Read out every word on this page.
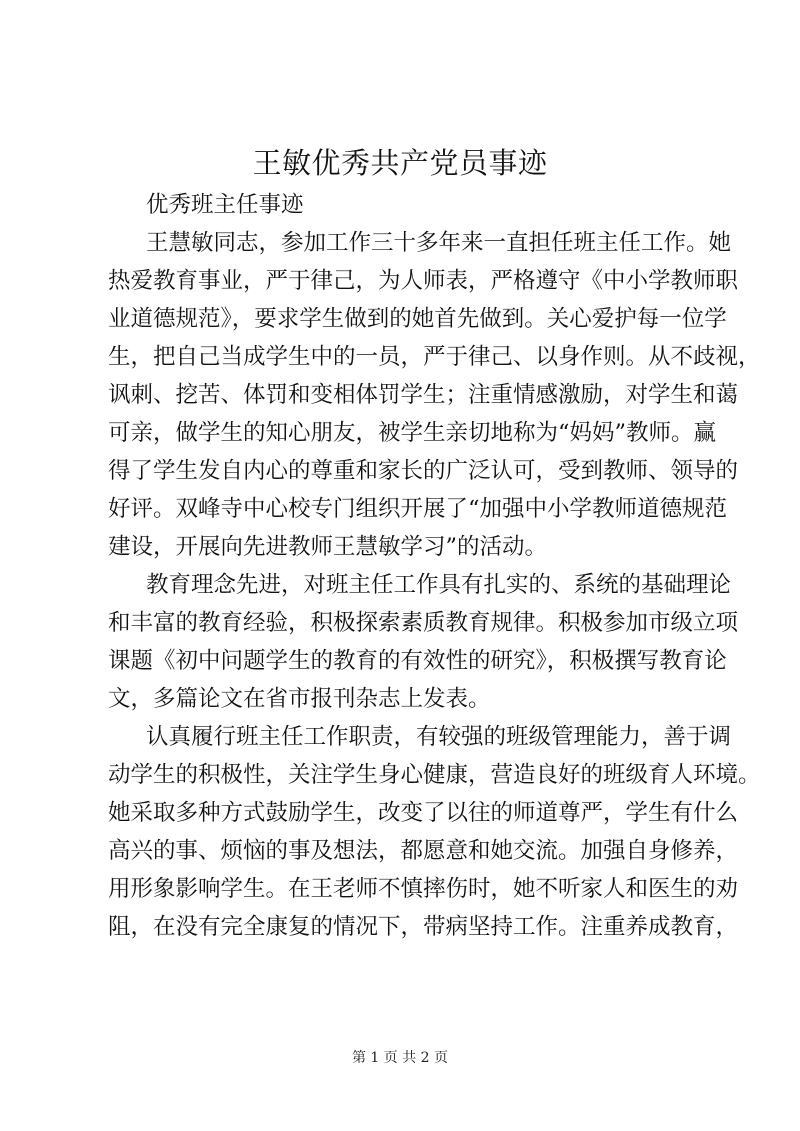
王敏优秀共产党员事迹
优秀班主任事迹
王慧敏同志，参加工作三十多年来一直担任班主任工作。她
热爱教育事业，严于律己，为人师表，严格遵守《中小学教师职
业道德规范》，要求学生做到的她首先做到。关心爱护每一位学
生，把自己当成学生中的一员，严于律己、以身作则。从不歧视，
讽刺、挖苦、体罚和变相体罚学生；注重情感激励，对学生和蔼
可亲，做学生的知心朋友，被学生亲切地称为“妈妈”教师。赢
得了学生发自内心的尊重和家长的广泛认可，受到教师、领导的
好评。双峰寺中心校专门组织开展了“加强中小学教师道德规范
建设，开展向先进教师王慧敏学习”的活动。
教育理念先进，对班主任工作具有扎实的、系统的基础理论
和丰富的教育经验，积极探索素质教育规律。积极参加市级立项
课题《初中问题学生的教育的有效性的研究》，积极撰写教育论
文，多篇论文在省市报刊杂志上发表。
认真履行班主任工作职责，有较强的班级管理能力，善于调
动学生的积极性，关注学生身心健康，营造良好的班级育人环境。
她采取多种方式鼓励学生，改变了以往的师道尊严，学生有什么
高兴的事、烦恼的事及想法，都愿意和她交流。加强自身修养，
用形象影响学生。在王老师不慎摔伤时，她不听家人和医生的劝
阻，在没有完全康复的情况下，带病坚持工作。注重养成教育，
第 1 页 共 2 页
